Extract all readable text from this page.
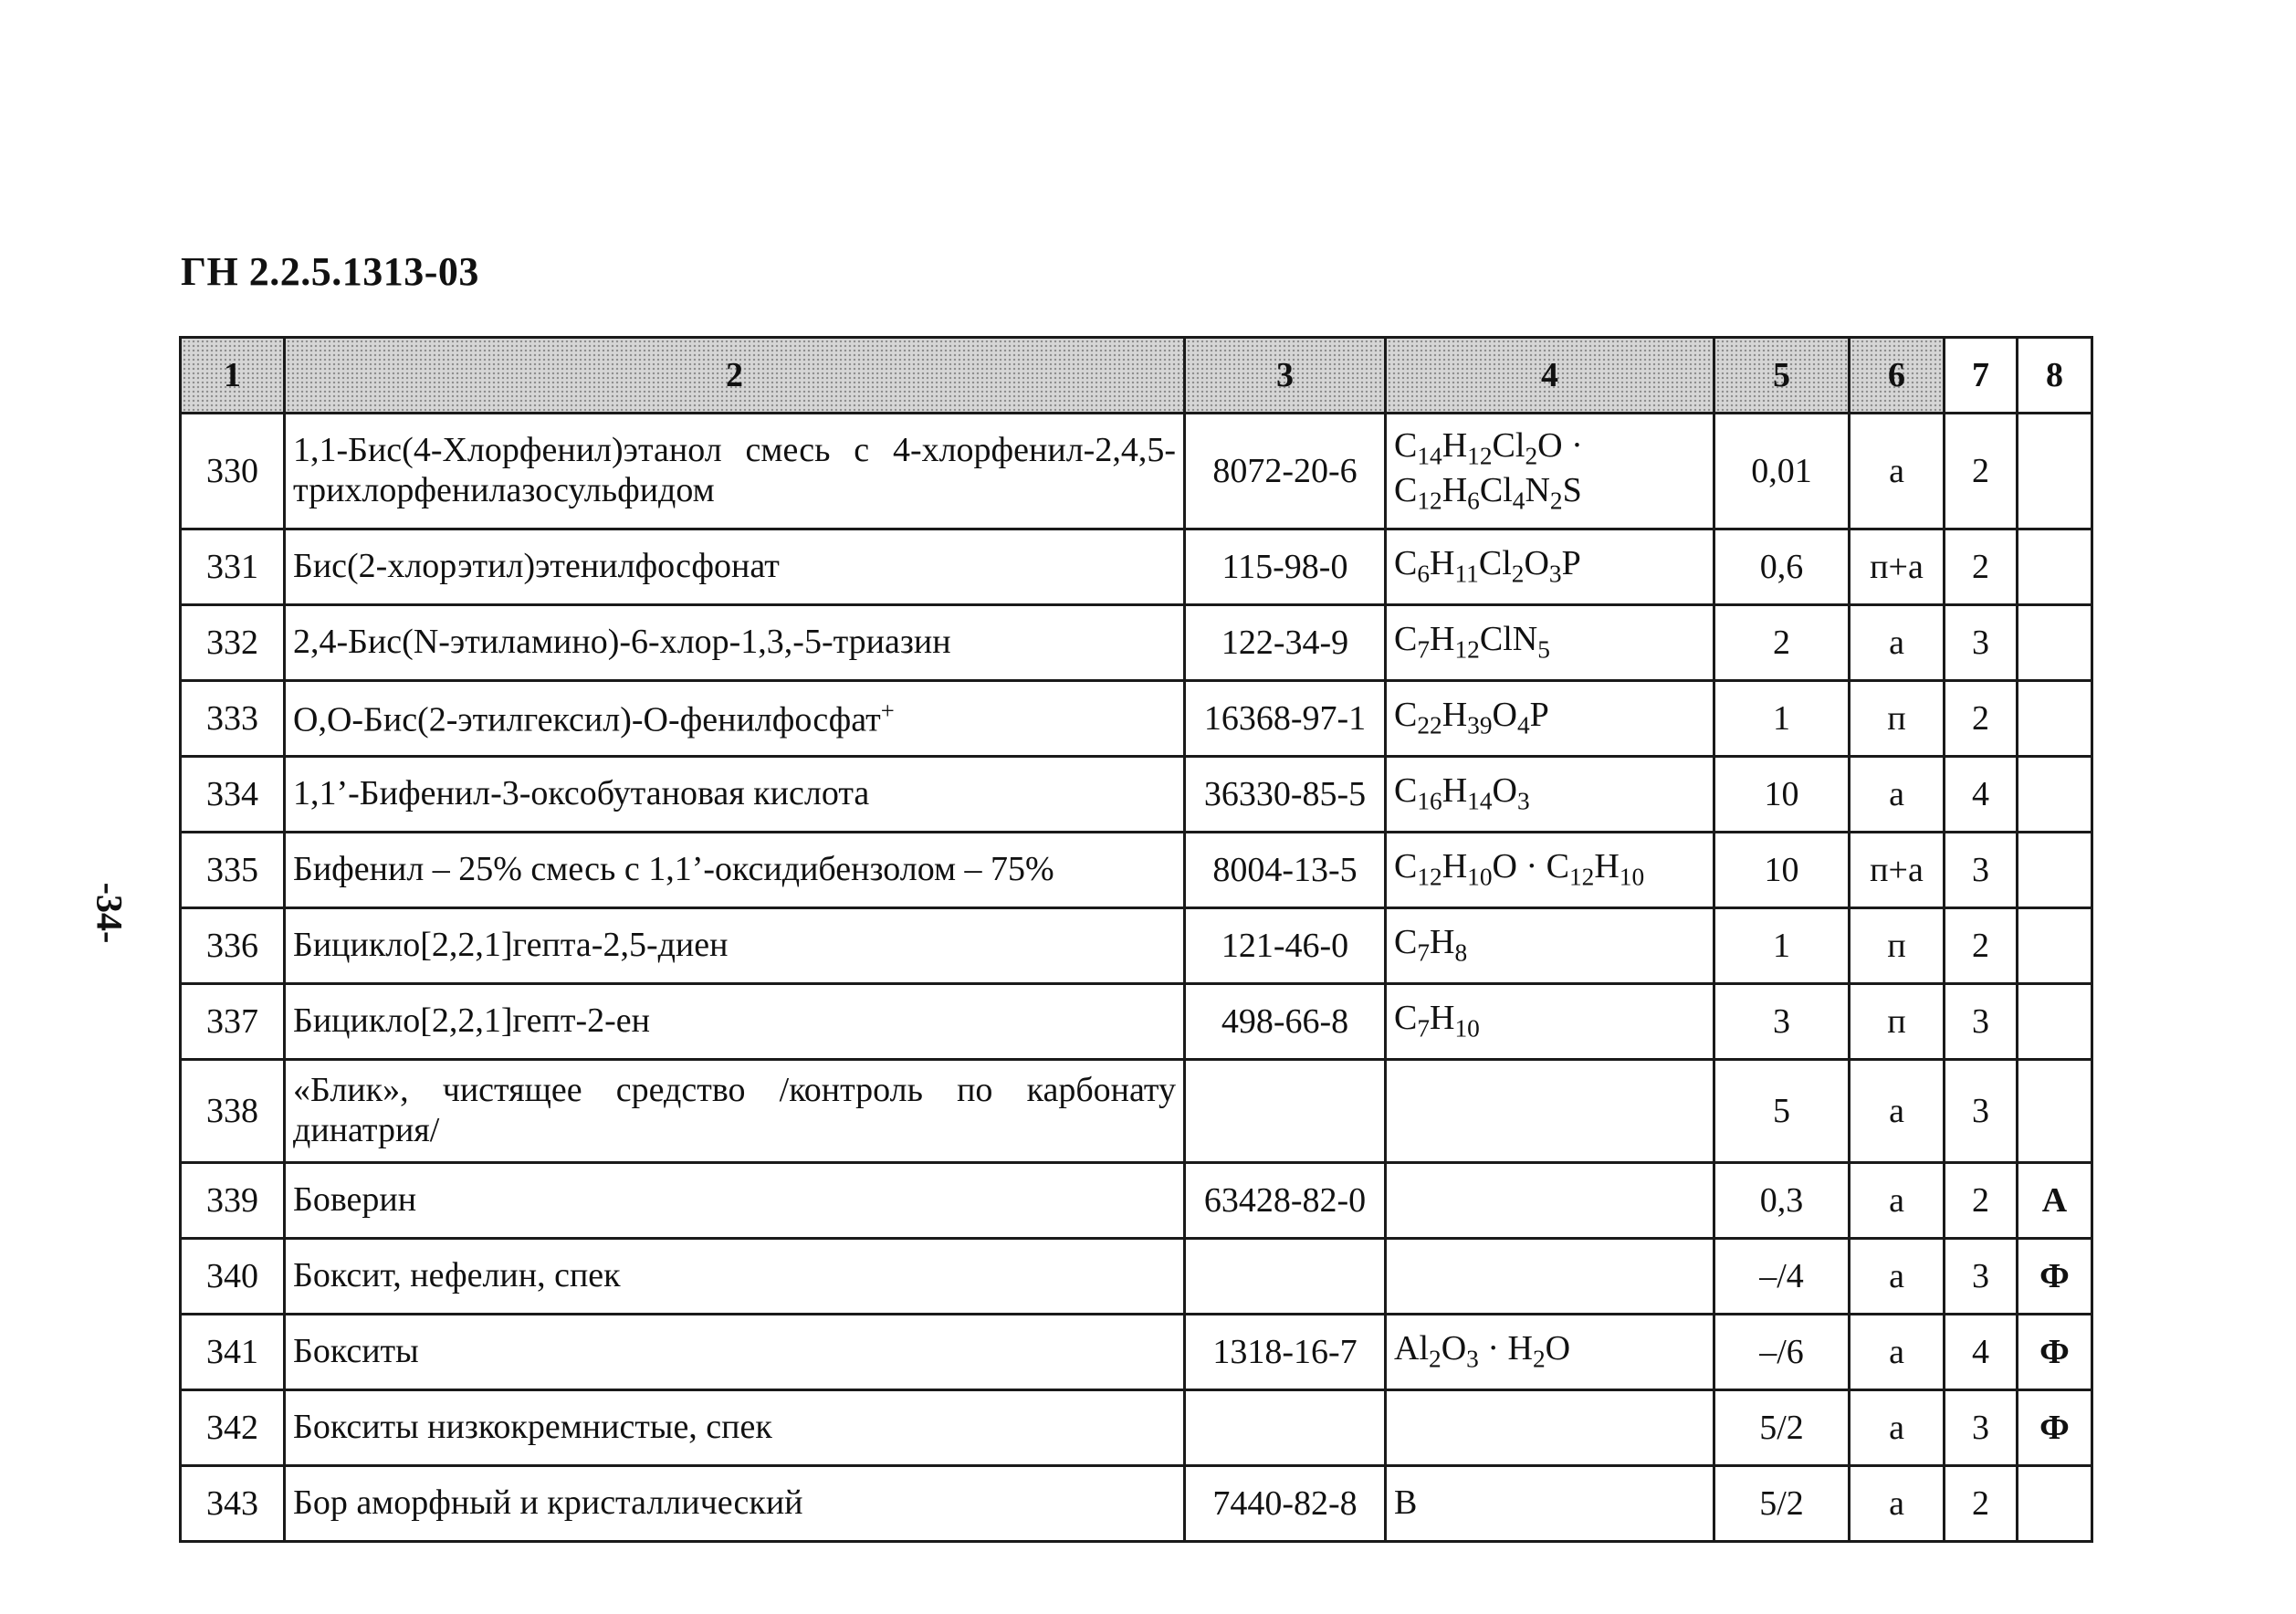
ГН 2.2.5.1313-03
-34-
1	2	3	4	5	6	7	8
330	1,1-Бис(4-Хлорфенил)этанол смесь с 4-хлорфенил-2,4,5-трихлорфенилазосульфидом	8072-20-6	$C_{14}H_{12}Cl_2O \cdot C_{12}H_6Cl_4N_2S$	0,01	а	2	
331	Бис(2-хлорэтил)этенилфосфонат	115-98-0	$C_6H_{11}Cl_2O_3P$	0,6	п+а	2	
332	2,4-Бис(N-этиламино)-6-хлор-1,3,-5-триазин	122-34-9	$C_7H_{12}ClN_5$	2	а	3	
333	O,O-Бис(2-этилгексил)-O-фенилфосфат+	16368-97-1	$C_{22}H_{39}O_4P$	1	п	2	
334	1,1’-Бифенил-3-оксобутановая кислота	36330-85-5	$C_{16}H_{14}O_3$	10	а	4	
335	Бифенил – 25% смесь с 1,1’-оксидибензолом – 75%	8004-13-5	$C_{12}H_{10}O \cdot C_{12}H_{10}$	10	п+а	3	
336	Бицикло[2,2,1]гепта-2,5-диен	121-46-0	$C_7H_8$	1	п	2	
337	Бицикло[2,2,1]гепт-2-ен	498-66-8	$C_7H_{10}$	3	п	3	
338	«Блик», чистящее средство /контроль по карбонату динатрия/			5	а	3	
339	Боверин	63428-82-0		0,3	а	2	А
340	Боксит, нефелин, спек			–/4	а	3	Ф
341	Бокситы	1318-16-7	$Al_2O_3 \cdot H_2O$	–/6	а	4	Ф
342	Бокситы низкокремнистые, спек			5/2	а	3	Ф
343	Бор аморфный и кристаллический	7440-82-8	B	5/2	а	2	
